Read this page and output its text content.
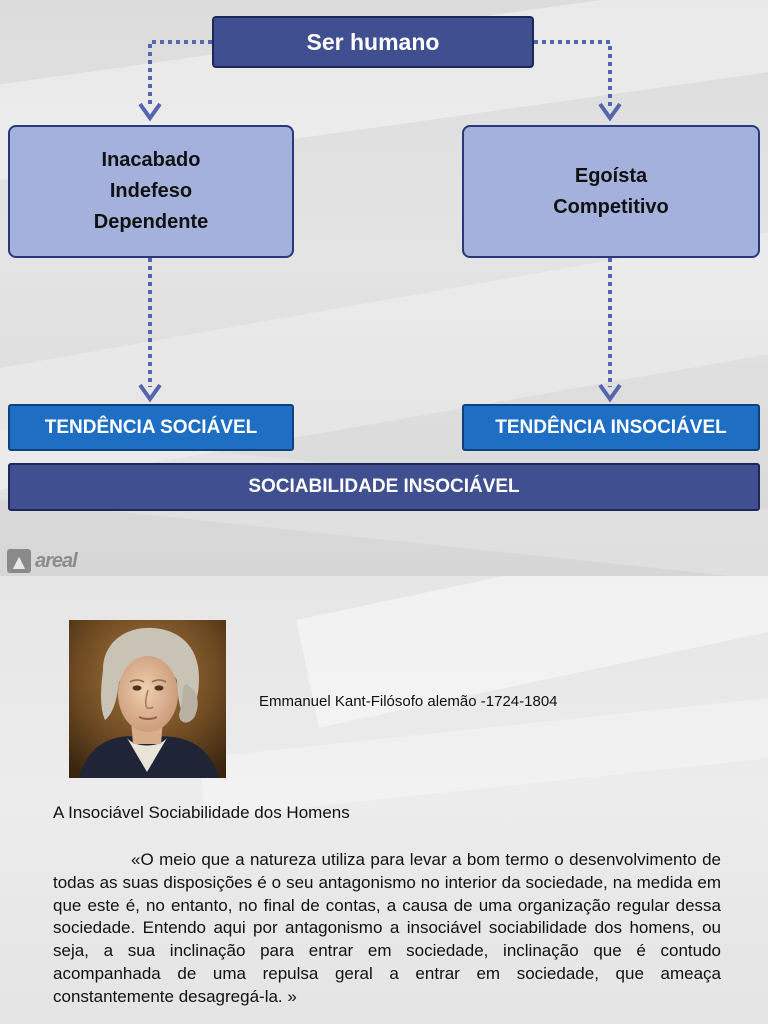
Ser humano
Inacabado
Indefeso
Dependente
Egoísta
Competitivo
TENDÊNCIA SOCIÁVEL	TENDÊNCIA INSOCIÁVEL
SOCIABILIDADE INSOCIÁVEL
▲ areal
Emmanuel Kant-Filósofo alemão -1724-1804
A Insociável Sociabilidade dos Homens
«O meio que a natureza utiliza para levar a bom termo o desenvolvimento de todas as suas disposições é o seu antagonismo no interior da sociedade, na medida em que este é, no entanto, no final de contas, a causa de uma organização regular dessa sociedade. Entendo aqui por antagonismo a insociável sociabilidade dos homens, ou seja, a sua inclinação para entrar em sociedade, inclinação que é contudo acompanhada de uma repulsa geral a entrar em sociedade, que ameaça constantemente desagregá-la. »
